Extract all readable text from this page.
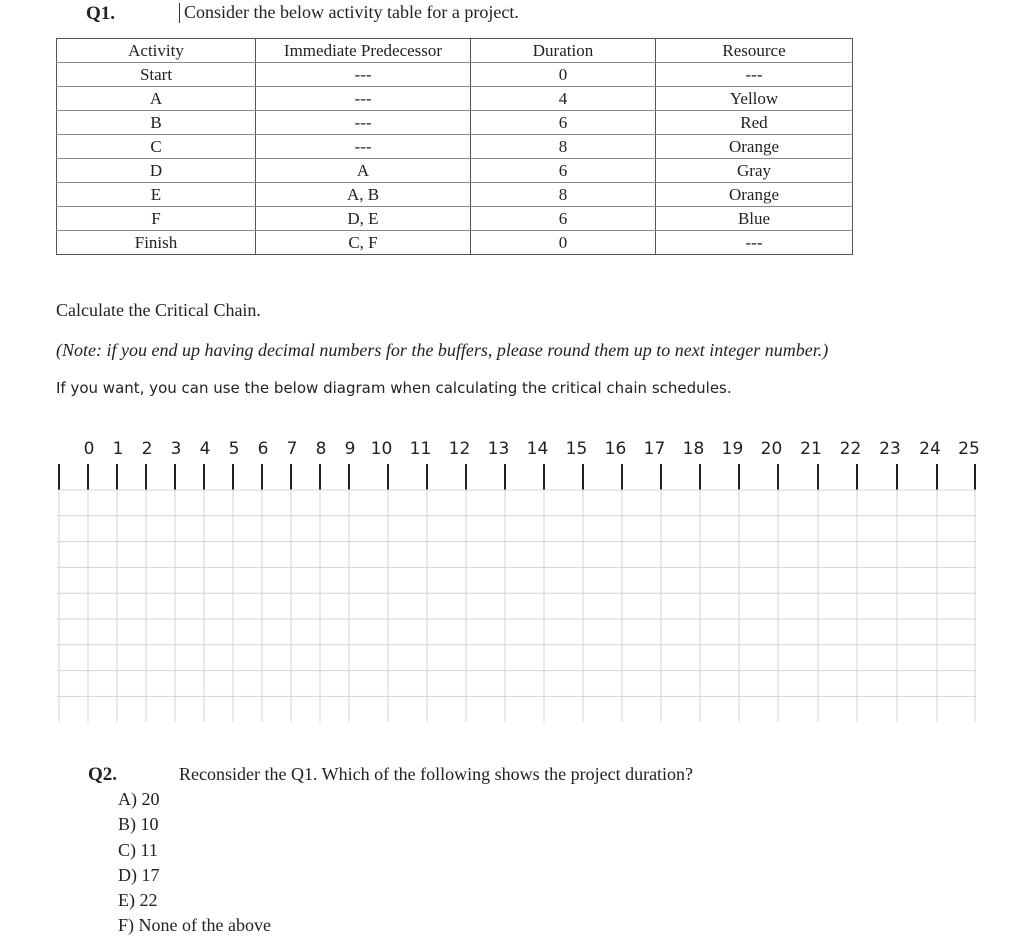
Q1.	Consider the below activity table for a project.
Activity	Immediate Predecessor	Duration	Resource
Start	---	0	---
A	---	4	Yellow
B	---	6	Red
C	---	8	Orange
D	A	6	Gray
E	A, B	8	Orange
F	D, E	6	Blue
Finish	C, F	0	---
Calculate the Critical Chain.
(Note: if you end up having decimal numbers for the buffers, please round them up to next integer number.)
If you want, you can use the below diagram when calculating the critical chain schedules.
0 1 2 3 4 5 6 7 8 9 10 11 12 13 14 15 16 17 18 19 20 21 22 23 24 25
Q2.	Reconsider the Q1. Which of the following shows the project duration?
A) 20
B) 10
C) 11
D) 17
E) 22
F) None of the above
